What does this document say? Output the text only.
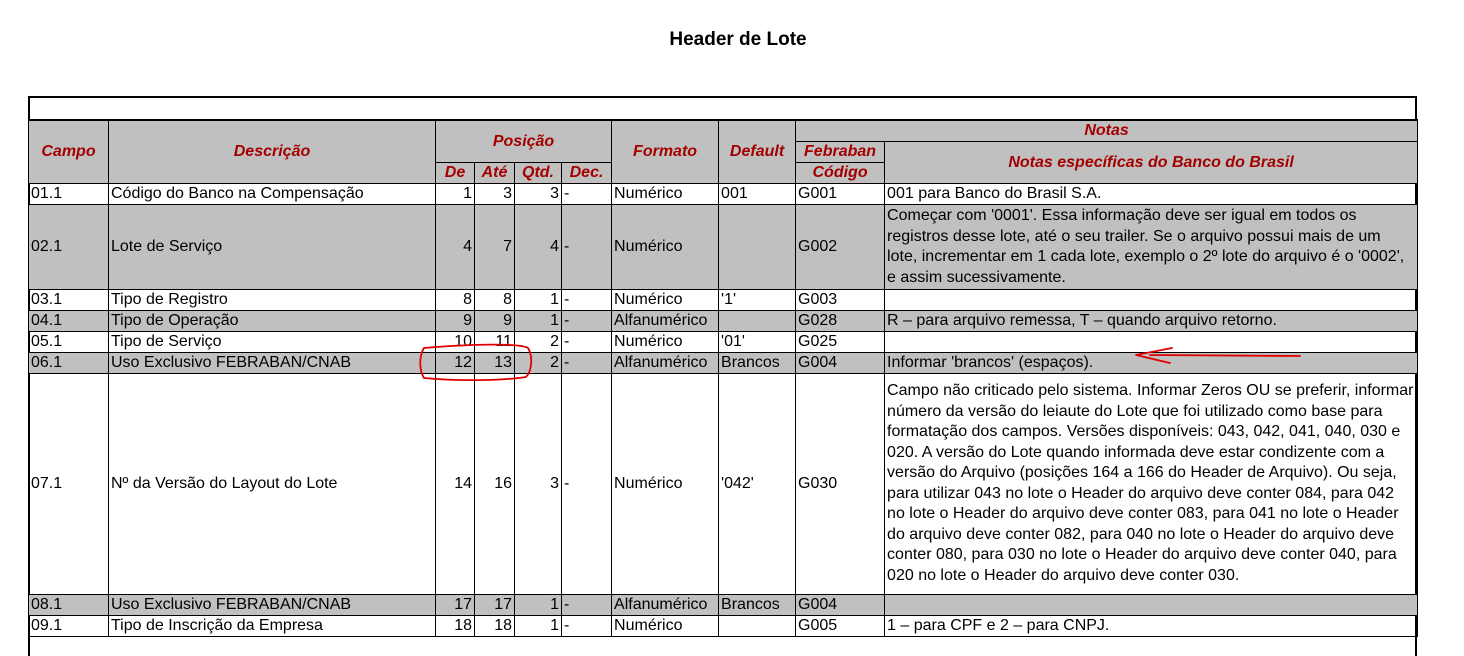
Header de Lote
Campo	Descrição	Posição				Formato	Default	Notas	
								Febraban	Notas específicas do Banco do Brasil
		De	Até	Qtd.	Dec.			Código	
01.1	Código do Banco na Compensação	1	3	3	-	Numérico	001	G001	001 para Banco do Brasil S.A.
02.1	Lote de Serviço	4	7	4	-	Numérico		G002	Começar com '0001'. Essa informação deve ser igual em todos os registros desse lote, até o seu trailer. Se o arquivo possui mais de um lote, incrementar em 1 cada lote, exemplo o 2º lote do arquivo é o '0002', e assim sucessivamente.
03.1	Tipo de Registro	8	8	1	-	Numérico	'1'	G003	
04.1	Tipo de Operação	9	9	1	-	Alfanumérico		G028	R – para arquivo remessa, T – quando arquivo retorno.
05.1	Tipo de Serviço	10	11	2	-	Numérico	'01'	G025	
06.1	Uso Exclusivo FEBRABAN/CNAB	12	13	2	-	Alfanumérico	Brancos	G004	Informar 'brancos' (espaços).
07.1	Nº da Versão do Layout do Lote	14	16	3	-	Numérico	'042'	G030	Campo não criticado pelo sistema. Informar Zeros OU se preferir, informar número da versão do leiaute do Lote que foi utilizado como base para formatação dos campos. Versões disponíveis: 043, 042, 041, 040, 030 e 020. A versão do Lote quando informada deve estar condizente com a versão do Arquivo (posições 164 a 166 do Header de Arquivo). Ou seja, para utilizar 043 no lote o Header do arquivo deve conter 084, para 042 no lote o Header do arquivo deve conter 083, para 041 no lote o Header do arquivo deve conter 082, para 040 no lote o Header do arquivo deve conter 080, para 030 no lote o Header do arquivo deve conter 040, para 020 no lote o Header do arquivo deve conter 030.
08.1	Uso Exclusivo FEBRABAN/CNAB	17	17	1	-	Alfanumérico	Brancos	G004	
09.1	Tipo de Inscrição da Empresa	18	18	1	-	Numérico		G005	1 – para CPF e 2 – para CNPJ.
